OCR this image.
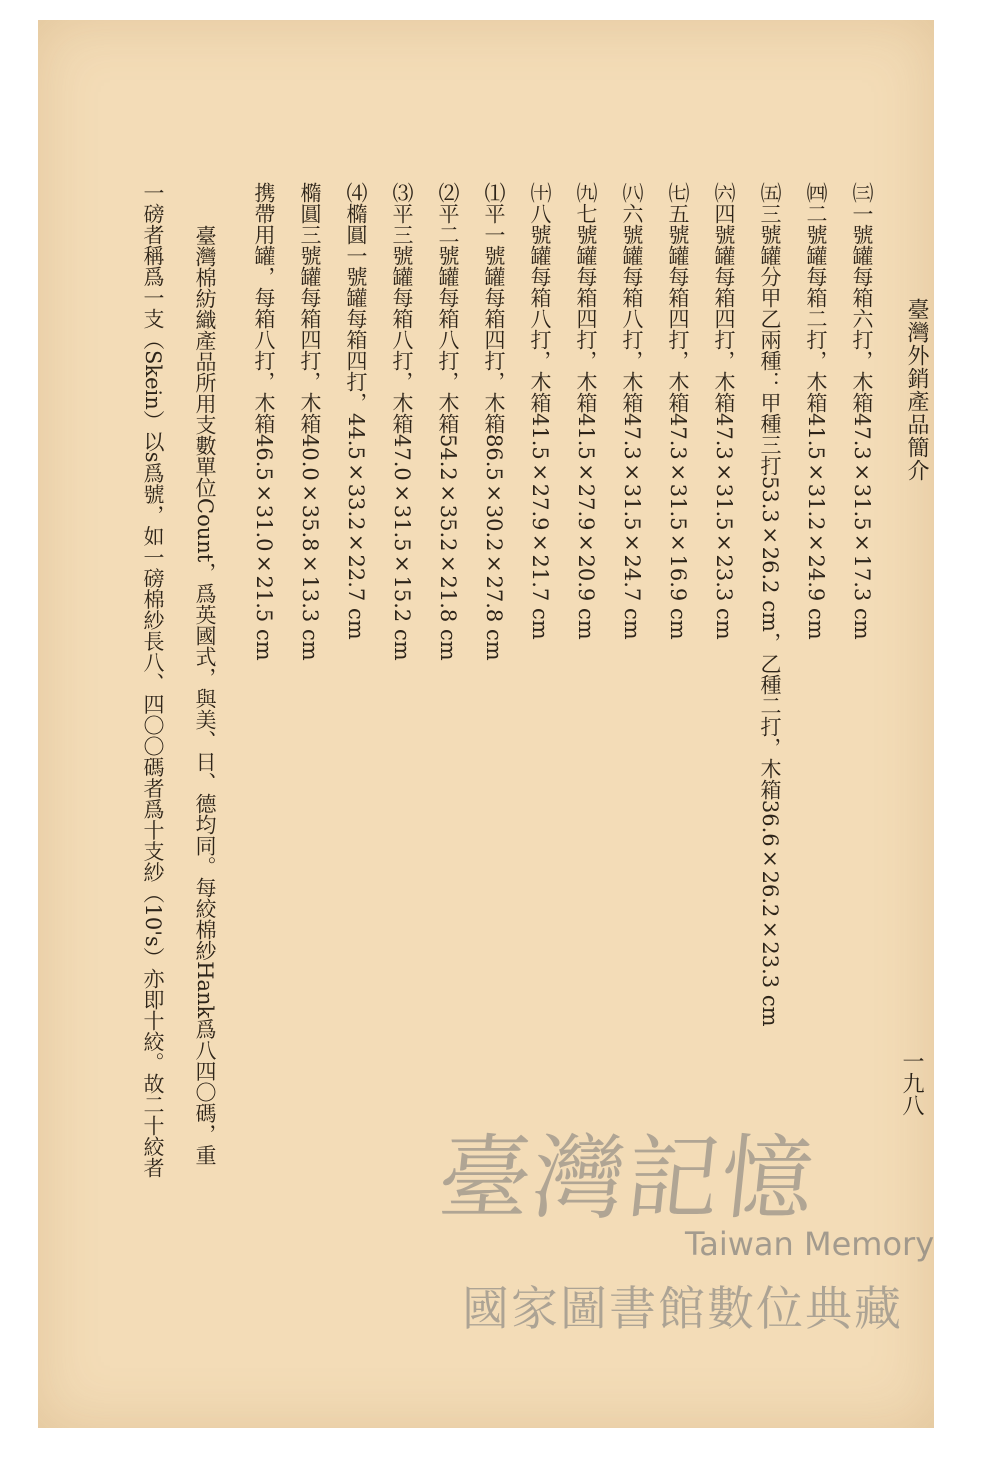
臺灣外銷產品簡介
㈢一號罐每箱六打，木箱47.3×31.5×17.3 cm
㈣二號罐每箱二打，木箱41.5×31.2×24.9 cm
㈤三號罐分甲乙兩種：甲種三打53.3×26.2 cm，乙種二打，木箱36.6×26.2×23.3 cm
㈥四號罐每箱四打，木箱47.3×31.5×23.3 cm
㈦五號罐每箱四打，木箱47.3×31.5×16.9 cm
㈧六號罐每箱八打，木箱47.3×31.5×24.7 cm
㈨七號罐每箱四打，木箱41.5×27.9×20.9 cm
㈩八號罐每箱八打，木箱41.5×27.9×21.7 cm
⑴平一號罐每箱四打，木箱86.5×30.2×27.8 cm
⑵平二號罐每箱八打，木箱54.2×35.2×21.8 cm
⑶平三號罐每箱八打，木箱47.0×31.5×15.2 cm
⑷橢圓一號罐每箱四打，44.5×33.2×22.7 cm
橢圓三號罐每箱四打，木箱40.0×35.8×13.3 cm
携帶用罐，每箱八打，木箱46.5×31.0×21.5 cm
臺灣棉紡織產品所用支數單位Count，爲英國式，與美、日、德均同。每絞棉紗Hank爲八四〇碼，重
一磅者稱爲一支（Skein）以s爲號，如一磅棉紗長八、四〇〇碼者爲十支紗（10's）亦即十絞。故二十絞者	一九八
臺灣記憶
Taiwan Memory
國家圖書館數位典藏
